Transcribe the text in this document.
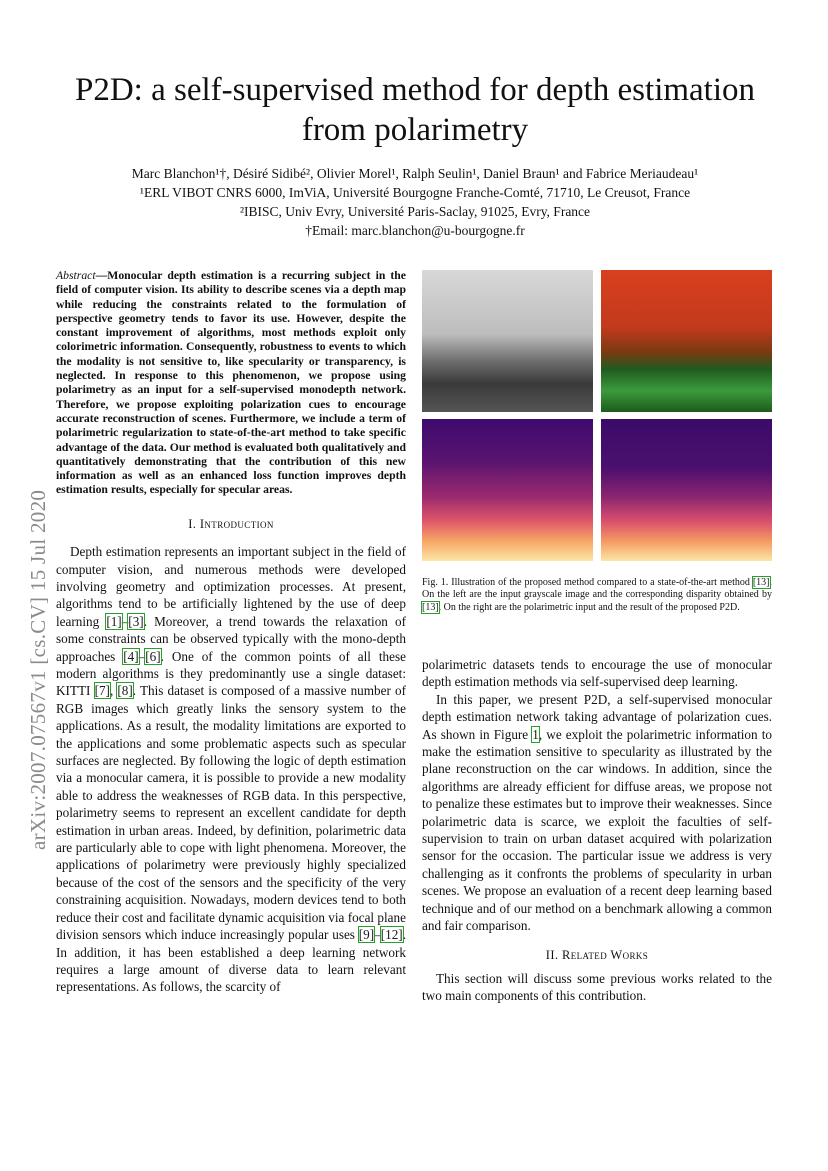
arXiv:2007.07567v1 [cs.CV] 15 Jul 2020
P2D: a self-supervised method for depth estimation
from polarimetry
Marc Blanchon¹†, Désiré Sidibé², Olivier Morel¹, Ralph Seulin¹, Daniel Braun¹ and Fabrice Meriaudeau¹
¹ERL VIBOT CNRS 6000, ImViA, Université Bourgogne Franche-Comté, 71710, Le Creusot, France
²IBISC, Univ Evry, Université Paris-Saclay, 91025, Evry, France
†Email: marc.blanchon@u-bourgogne.fr
Abstract—Monocular depth estimation is a recurring subject in the field of computer vision. Its ability to describe scenes via a depth map while reducing the constraints related to the formulation of perspective geometry tends to favor its use. However, despite the constant improvement of algorithms, most methods exploit only colorimetric information. Consequently, robustness to events to which the modality is not sensitive to, like specularity or transparency, is neglected. In response to this phenomenon, we propose using polarimetry as an input for a self-supervised monodepth network. Therefore, we propose exploiting polarization cues to encourage accurate reconstruction of scenes. Furthermore, we include a term of polarimetric regularization to state-of-the-art method to take specific advantage of the data. Our method is evaluated both qualitatively and quantitatively demonstrating that the contribution of this new information as well as an enhanced loss function improves depth estimation results, especially for specular areas.
I. Introduction

Depth estimation represents an important subject in the field of computer vision, and numerous methods were developed involving geometry and optimization processes. At present, algorithms tend to be artificially lightened by the use of deep learning [1]–[3]. Moreover, a trend towards the relaxation of some constraints can be observed typically with the mono-depth approaches [4]–[6]. One of the common points of all these modern algorithms is they predominantly use a single dataset: KITTI [7], [8]. This dataset is composed of a massive number of RGB images which greatly links the sensory system to the applications. As a result, the modality limitations are exported to the applications and some problematic aspects such as specular surfaces are neglected. By following the logic of depth estimation via a monocular camera, it is possible to provide a new modality able to address the weaknesses of RGB data. In this perspective, polarimetry seems to represent an excellent candidate for depth estimation in urban areas. Indeed, by definition, polarimetric data are particularly able to cope with light phenomena. Moreover, the applications of polarimetry were previously highly specialized because of the cost of the sensors and the specificity of the very constraining acquisition. Nowadays, modern devices tend to both reduce their cost and facilitate dynamic acquisition via focal plane division sensors which induce increasingly popular uses [9]–[12]. In addition, it has been established a deep learning network requires a large amount of diverse data to learn relevant representations. As follows, the scarcity of

Fig. 1. Illustration of the proposed method compared to a state-of-the-art method [13]. On the left are the input grayscale image and the corresponding disparity obtained by [13]. On the right are the polarimetric input and the result of the proposed P2D.

polarimetric datasets tends to encourage the use of monocular depth estimation methods via self-supervised deep learning.

In this paper, we present P2D, a self-supervised monocular depth estimation network taking advantage of polarization cues. As shown in Figure 1, we exploit the polarimetric information to make the estimation sensitive to specularity as illustrated by the plane reconstruction on the car windows. In addition, since the algorithms are already efficient for diffuse areas, we propose not to penalize these estimates but to improve their weaknesses. Since polarimetric data is scarce, we exploit the faculties of self-supervision to train on urban dataset acquired with polarization sensor for the occasion. The particular issue we address is very challenging as it confronts the problems of specularity in urban scenes. We propose an evaluation of a recent deep learning based technique and of our method on a benchmark allowing a common and fair comparison.

II. Related Works

This section will discuss some previous works related to the two main components of this contribution.
